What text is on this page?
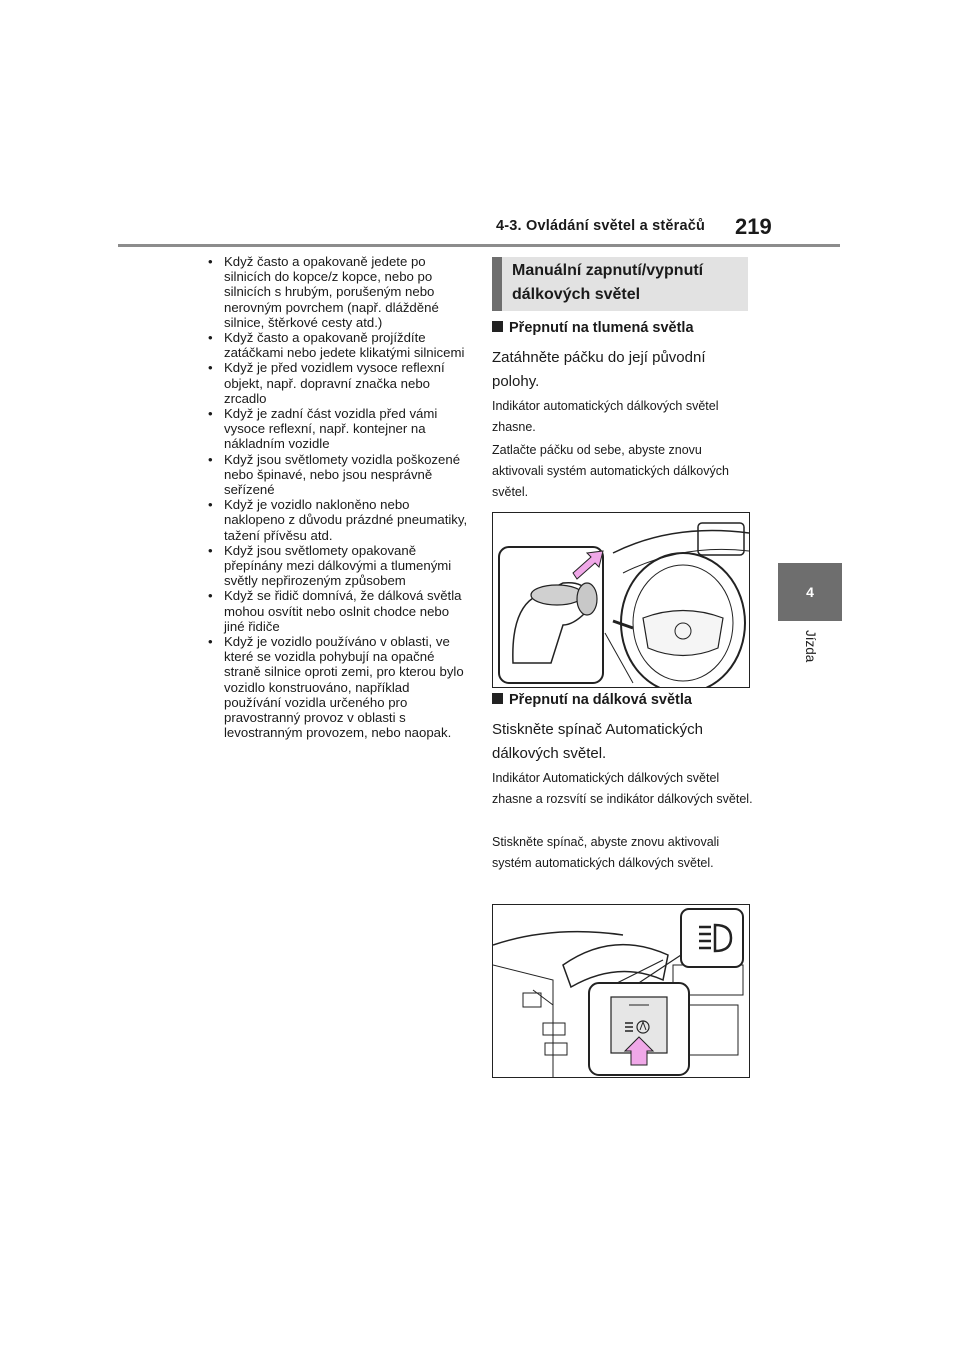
4-3. Ovládání světel a stěračů 219
4
Jízda
• Když často a opakovaně jedete po silnicích do kopce/z kopce, nebo po silnicích s hrubým, porušeným nebo nerovným povrchem (např. dlážděné silnice, štěrkové cesty atd.)
• Když často a opakovaně projíždíte zatáčkami nebo jedete klikatými silnicemi
• Když je před vozidlem vysoce reflexní objekt, např. dopravní značka nebo zrcadlo
• Když je zadní část vozidla před vámi vysoce reflexní, např. kontejner na nákladním vozidle
• Když jsou světlomety vozidla poškozené nebo špinavé, nebo jsou nesprávně seřízené
• Když je vozidlo nakloněno nebo naklopeno z důvodu prázdné pneumatiky, tažení přívěsu atd.
• Když jsou světlomety opakovaně přepínány mezi dálkovými a tlumenými světly nepřirozeným způsobem
• Když se řidič domnívá, že dálková světla mohou osvítit nebo oslnit chodce nebo jiné řidiče
• Když je vozidlo používáno v oblasti, ve které se vozidla pohybují na opačné straně silnice oproti zemi, pro kterou bylo vozidlo konstruováno, například používání vozidla určeného pro pravostranný provoz v oblasti s levostranným provozem, nebo naopak.
Manuální zapnutí/vypnutí dálkových světel
Přepnutí na tlumená světla

Zatáhněte páčku do její původní polohy.

Indikátor automatických dálkových světel zhasne.

Zatlačte páčku od sebe, abyste znovu aktivovali systém automatických dálkových světel.

Přepnutí na dálková světla

Stiskněte spínač Automatických dálkových světel.

Indikátor Automatických dálkových světel zhasne a rozsvítí se indikátor dálkových světel.

Stiskněte spínač, abyste znovu aktivovali systém automatických dálkových světel.
